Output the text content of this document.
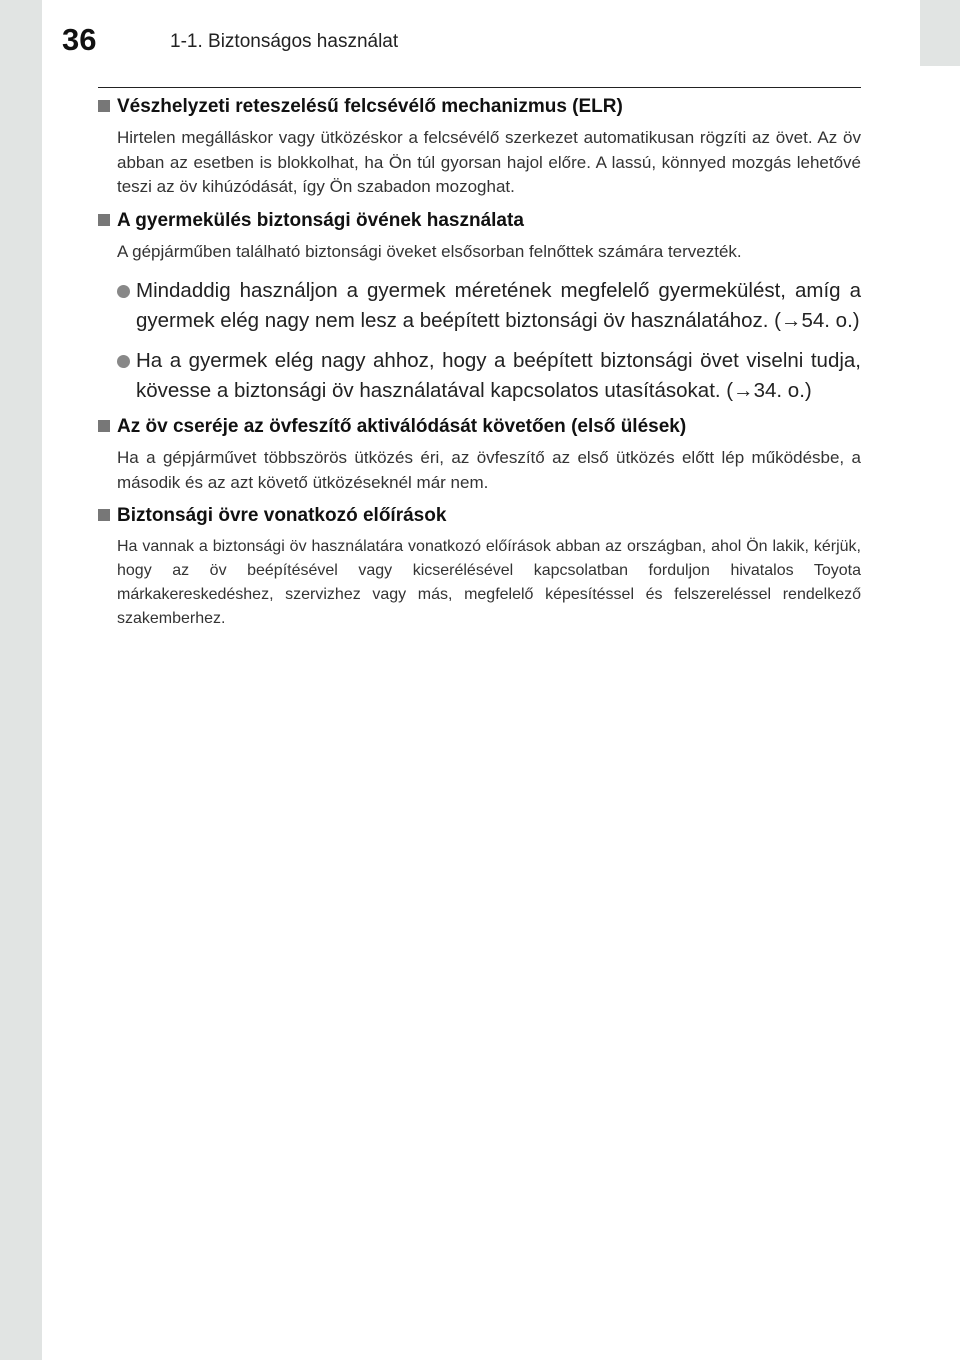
36	1-1. Biztonságos használat
Vészhelyzeti reteszelésű felcsévélő mechanizmus (ELR)
Hirtelen megálláskor vagy ütközéskor a felcsévélő szerkezet automatikusan rögzíti az övet. Az öv abban az esetben is blokkolhat, ha Ön túl gyorsan hajol előre. A lassú, könnyed mozgás lehetővé teszi az öv kihúzódását, így Ön szabadon mozoghat.
A gyermekülés biztonsági övének használata
A gépjárműben található biztonsági öveket elsősorban felnőttek számára tervezték.
Mindaddig használjon a gyermek méretének megfelelő gyermekülést, amíg a gyermek elég nagy nem lesz a beépített biztonsági öv használatához. (→54. o.)
Ha a gyermek elég nagy ahhoz, hogy a beépített biztonsági övet viselni tudja, kövesse a biztonsági öv használatával kapcsolatos utasításokat. (→34. o.)
Az öv cseréje az övfeszítő aktiválódását követően (első ülések)
Ha a gépjárművet többszörös ütközés éri, az övfeszítő az első ütközés előtt lép működésbe, a második és az azt követő ütközéseknél már nem.
Biztonsági övre vonatkozó előírások
Ha vannak a biztonsági öv használatára vonatkozó előírások abban az országban, ahol Ön lakik, kérjük, hogy az öv beépítésével vagy kicserélésével kapcsolatban forduljon hivatalos Toyota márkakereskedéshez, szervizhez vagy más, megfelelő képesítéssel és felszereléssel rendelkező szakemberhez.
